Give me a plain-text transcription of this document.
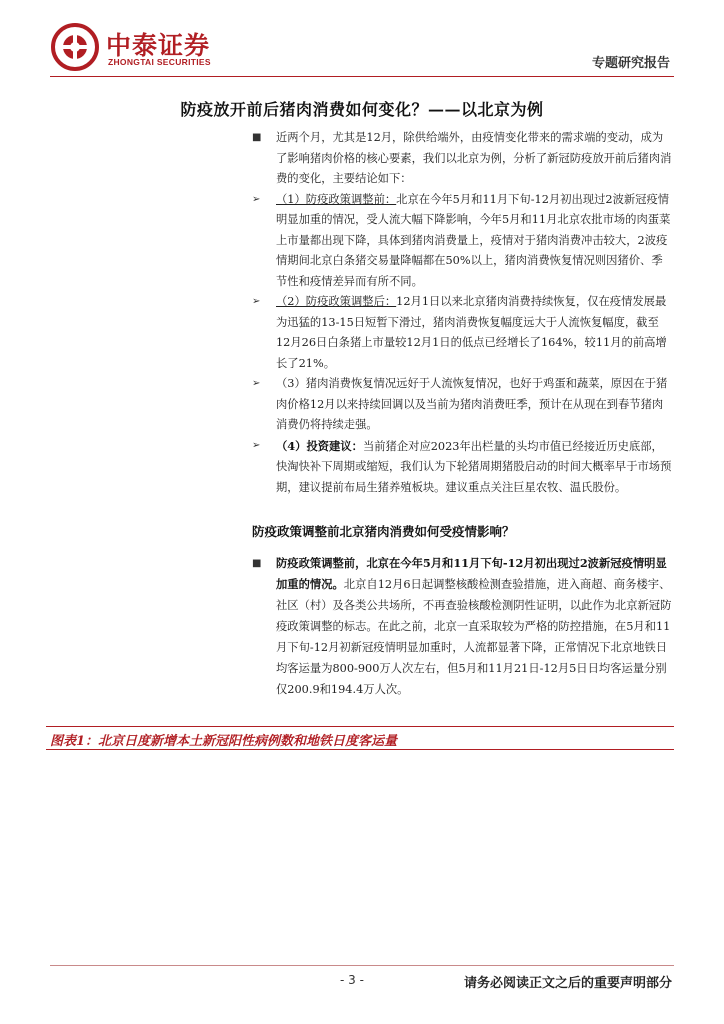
中泰证券
ZHONGTAI SECURITIES	专题研究报告
防疫放开前后猪肉消费如何变化？——以北京为例
■ 近两个月，尤其是12月，除供给端外，由疫情变化带来的需求端的变动，成为了影响猪肉价格的核心要素，我们以北京为例，分析了新冠防疫放开前后猪肉消费的变化，主要结论如下：
➢ （1）防疫政策调整前：北京在今年5月和11月下旬-12月初出现过2波新冠疫情明显加重的情况，受人流大幅下降影响，今年5月和11月北京农批市场的肉蛋菜上市量都出现下降，具体到猪肉消费量上，疫情对于猪肉消费冲击较大，2波疫情期间北京白条猪交易量降幅都在50%以上，猪肉消费恢复情况则因猪价、季节性和疫情差异而有所不同。
➢ （2）防疫政策调整后：12月1日以来北京猪肉消费持续恢复，仅在疫情发展最为迅猛的13-15日短暂下滑过，猪肉消费恢复幅度远大于人流恢复幅度，截至12月26日白条猪上市量较12月1日的低点已经增长了164%，较11月的前高增长了21%。
➢ （3）猪肉消费恢复情况远好于人流恢复情况，也好于鸡蛋和蔬菜，原因在于猪肉价格12月以来持续回调以及当前为猪肉消费旺季，预计在从现在到春节猪肉消费仍将持续走强。
➢ （4）投资建议：当前猪企对应2023年出栏量的头均市值已经接近历史底部，快淘快补下周期或缩短，我们认为下轮猪周期猪股启动的时间大概率早于市场预期，建议提前布局生猪养殖板块。建议重点关注巨星农牧、温氏股份。
防疫政策调整前北京猪肉消费如何受疫情影响？
■ 防疫政策调整前，北京在今年5月和11月下旬-12月初出现过2波新冠疫情明显加重的情况。北京自12月6日起调整核酸检测查验措施，进入商超、商务楼宇、社区（村）及各类公共场所，不再查验核酸检测阴性证明，以此作为北京新冠防疫政策调整的标志。在此之前，北京一直采取较为严格的防控措施，在5月和11月下旬-12月初新冠疫情明显加重时，人流都显著下降，正常情况下北京地铁日均客运量为800-900万人次左右，但5月和11月21日-12月5日日均客运量分别仅200.9和194.4万人次。
图表1：北京日度新增本土新冠阳性病例数和地铁日度客运量
- 3 -	请务必阅读正文之后的重要声明部分
